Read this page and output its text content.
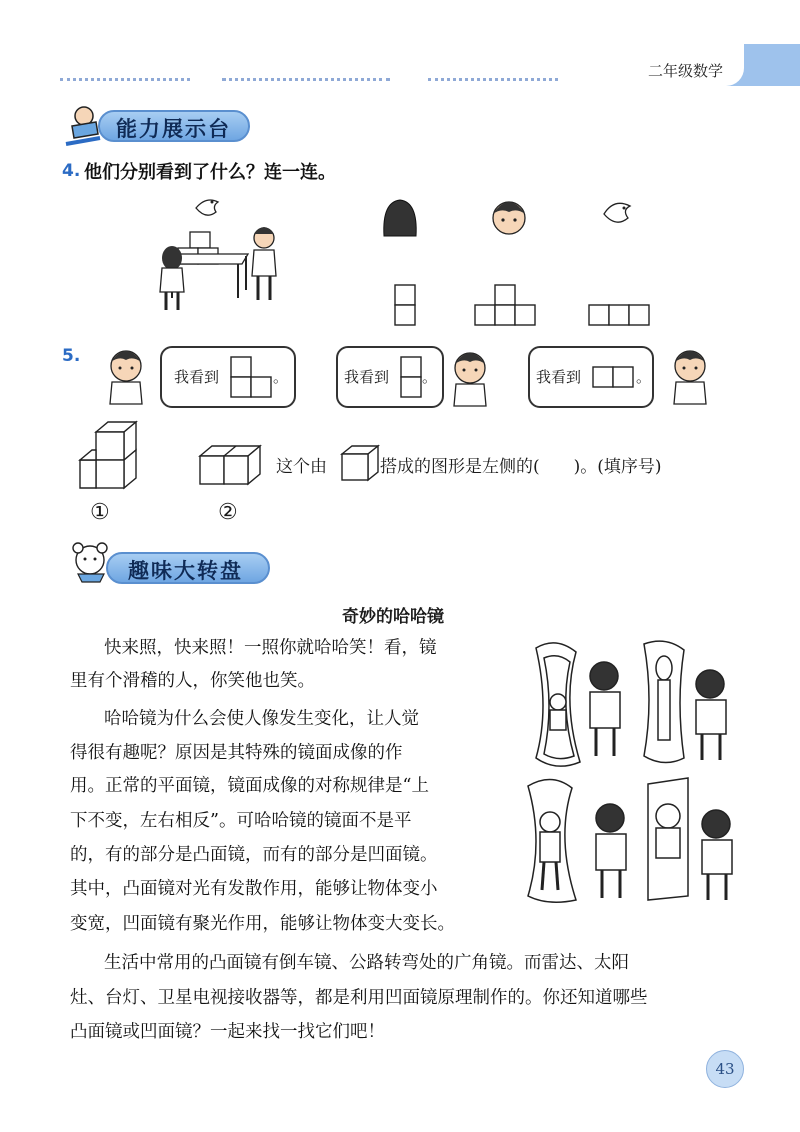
二年级数学
能力展示台
4. 他们分别看到了什么？连一连。
5.
我看到	。	我看到 。	我看到	。
①	②
这个由	搭成的图形是左侧的(　　)。(填序号)
趣味大转盘
奇妙的哈哈镜
快来照，快来照！一照你就哈哈笑！看，镜
里有个滑稽的人，你笑他也笑。
哈哈镜为什么会使人像发生变化，让人觉
得很有趣呢？原因是其特殊的镜面成像的作
用。正常的平面镜，镜面成像的对称规律是“上
下不变，左右相反”。可哈哈镜的镜面不是平
的，有的部分是凸面镜，而有的部分是凹面镜。
其中，凸面镜对光有发散作用，能够让物体变小
变宽，凹面镜有聚光作用，能够让物体变大变长。
生活中常用的凸面镜有倒车镜、公路转弯处的广角镜。而雷达、太阳
灶、台灯、卫星电视接收器等，都是利用凹面镜原理制作的。你还知道哪些
凸面镜或凹面镜？一起来找一找它们吧！
43
